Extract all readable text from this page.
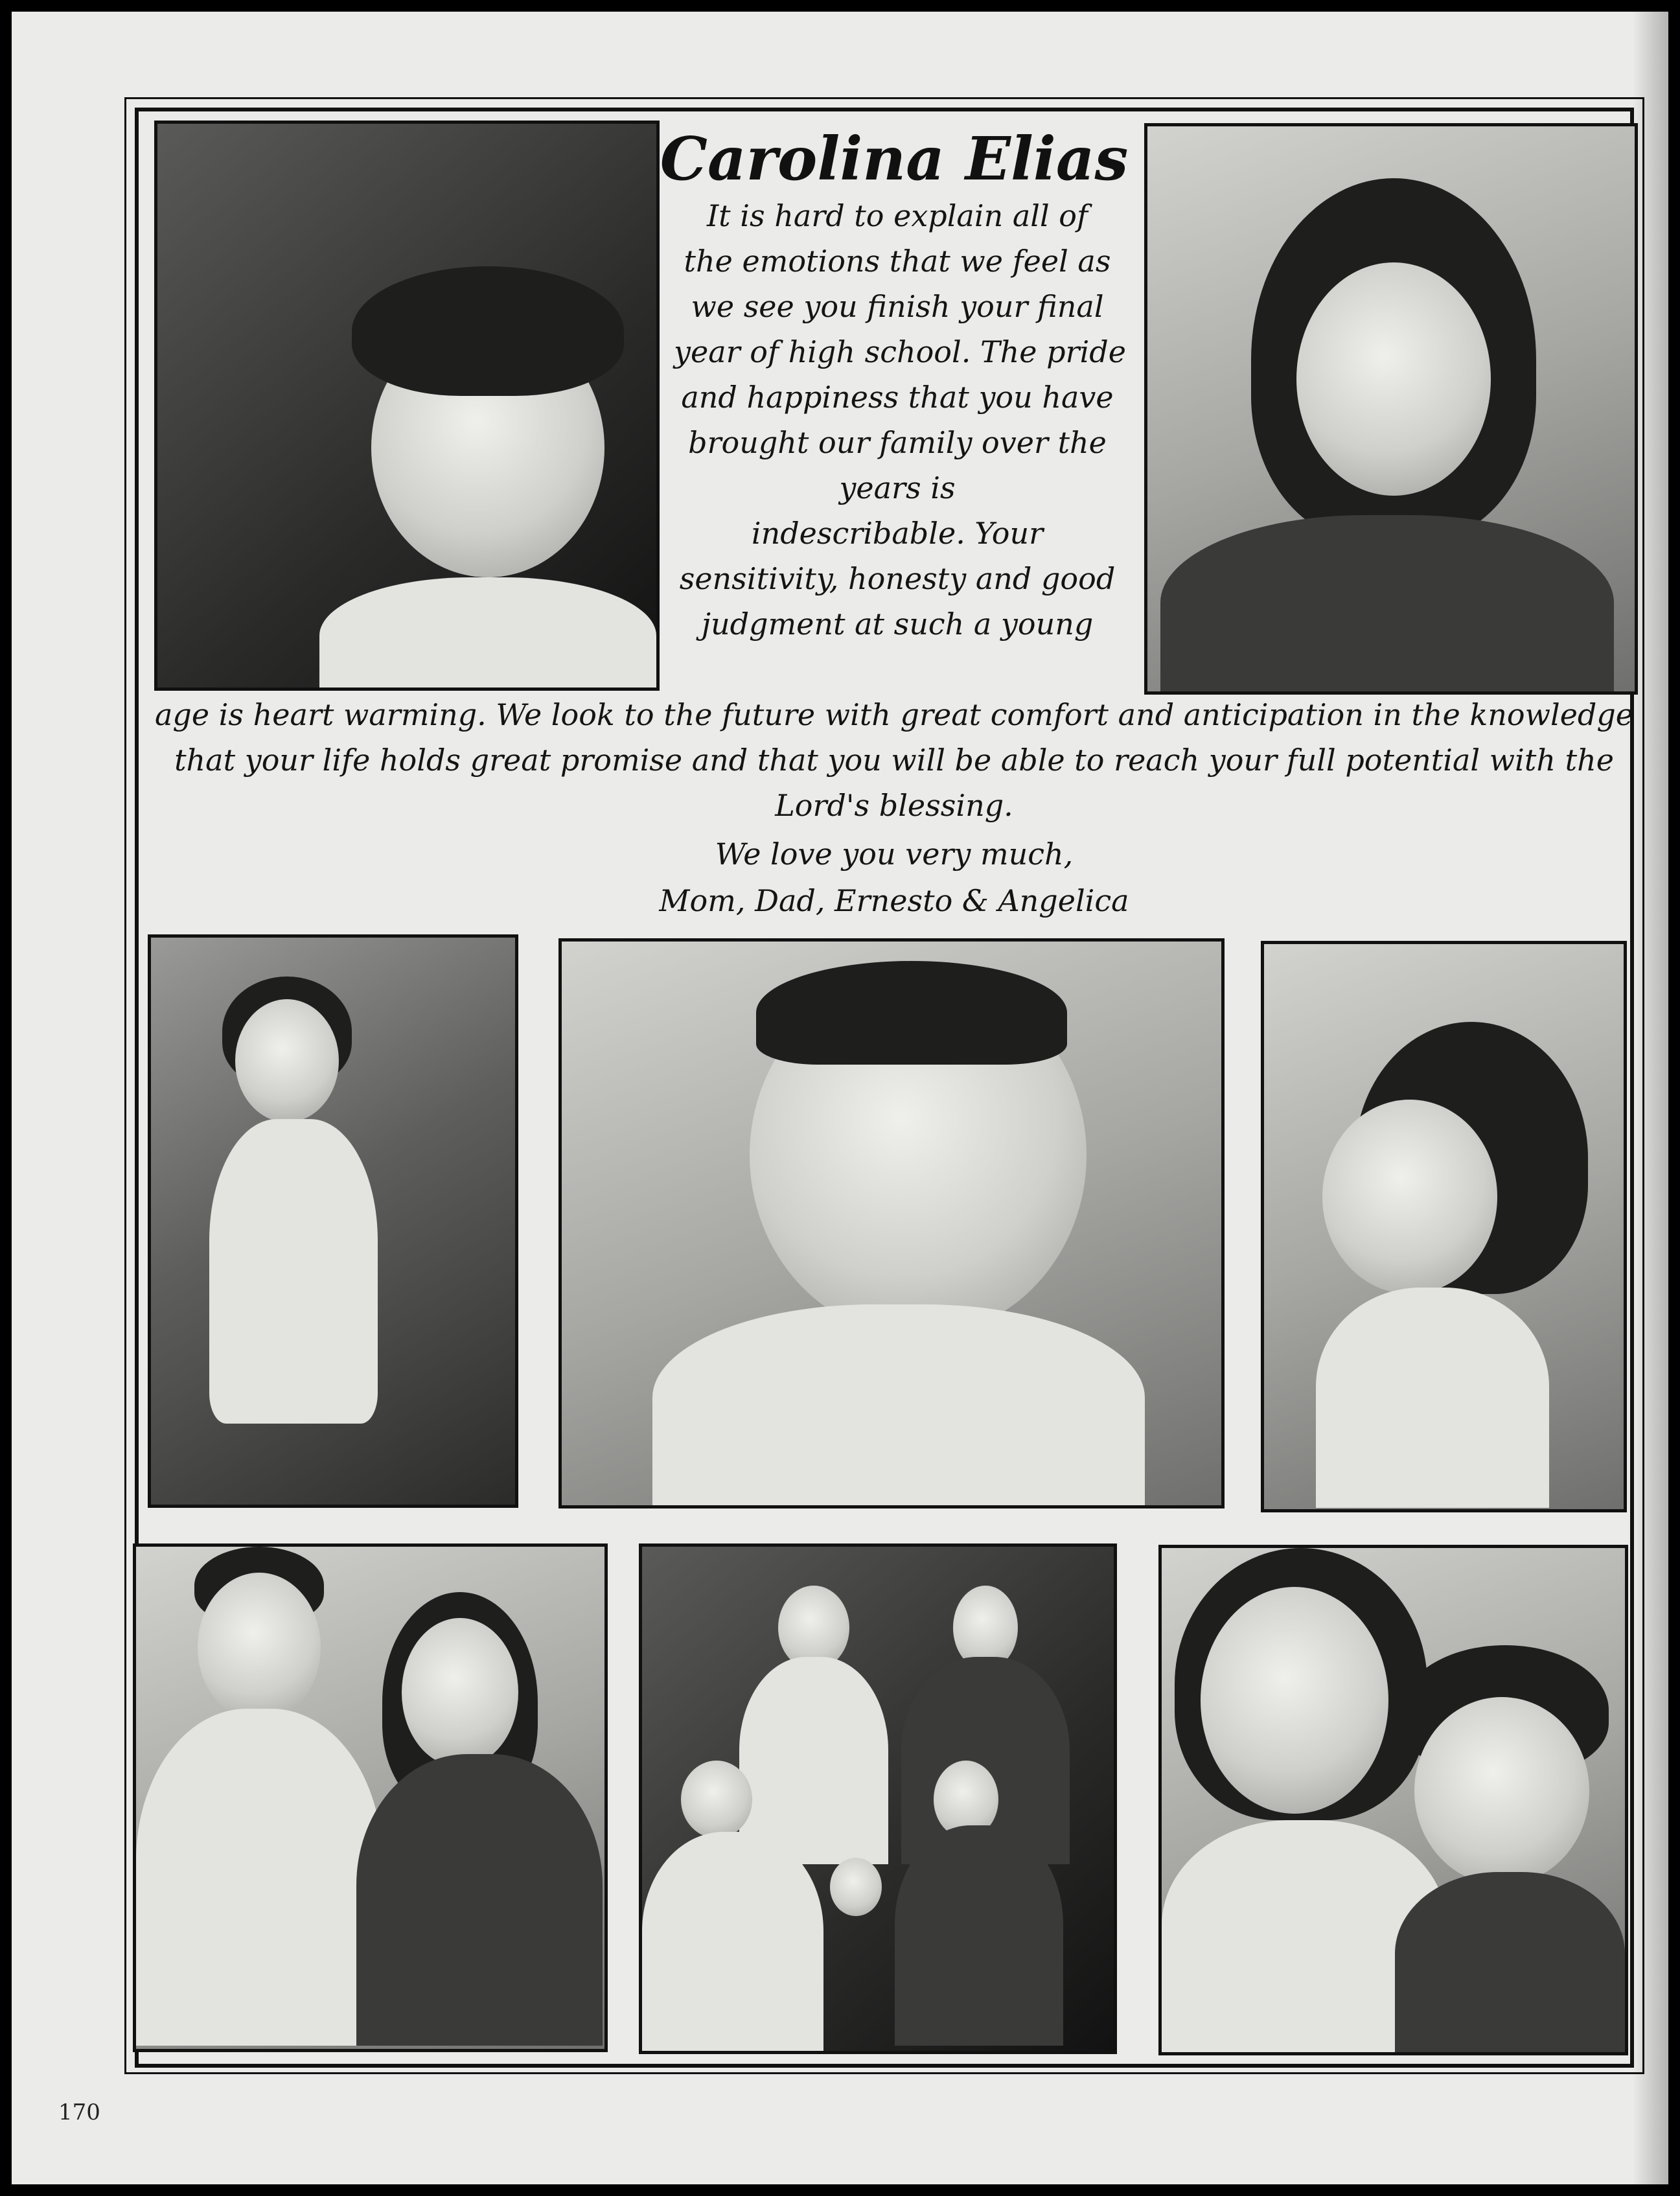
Carolina Elias
It is hard to explain all of
the emotions that we feel as
we see you finish your final
year of high school. The pride
and happiness that you have
brought our family over the
years is
indescribable. Your
sensitivity, honesty and good
judgment at such a young
age is heart warming. We look to the future with great comfort and anticipation in the knowledge
that your life holds great promise and that you will be able to reach your full potential with the
Lord's blessing.
We love you very much,
Mom, Dad, Ernesto & Angelica
170
